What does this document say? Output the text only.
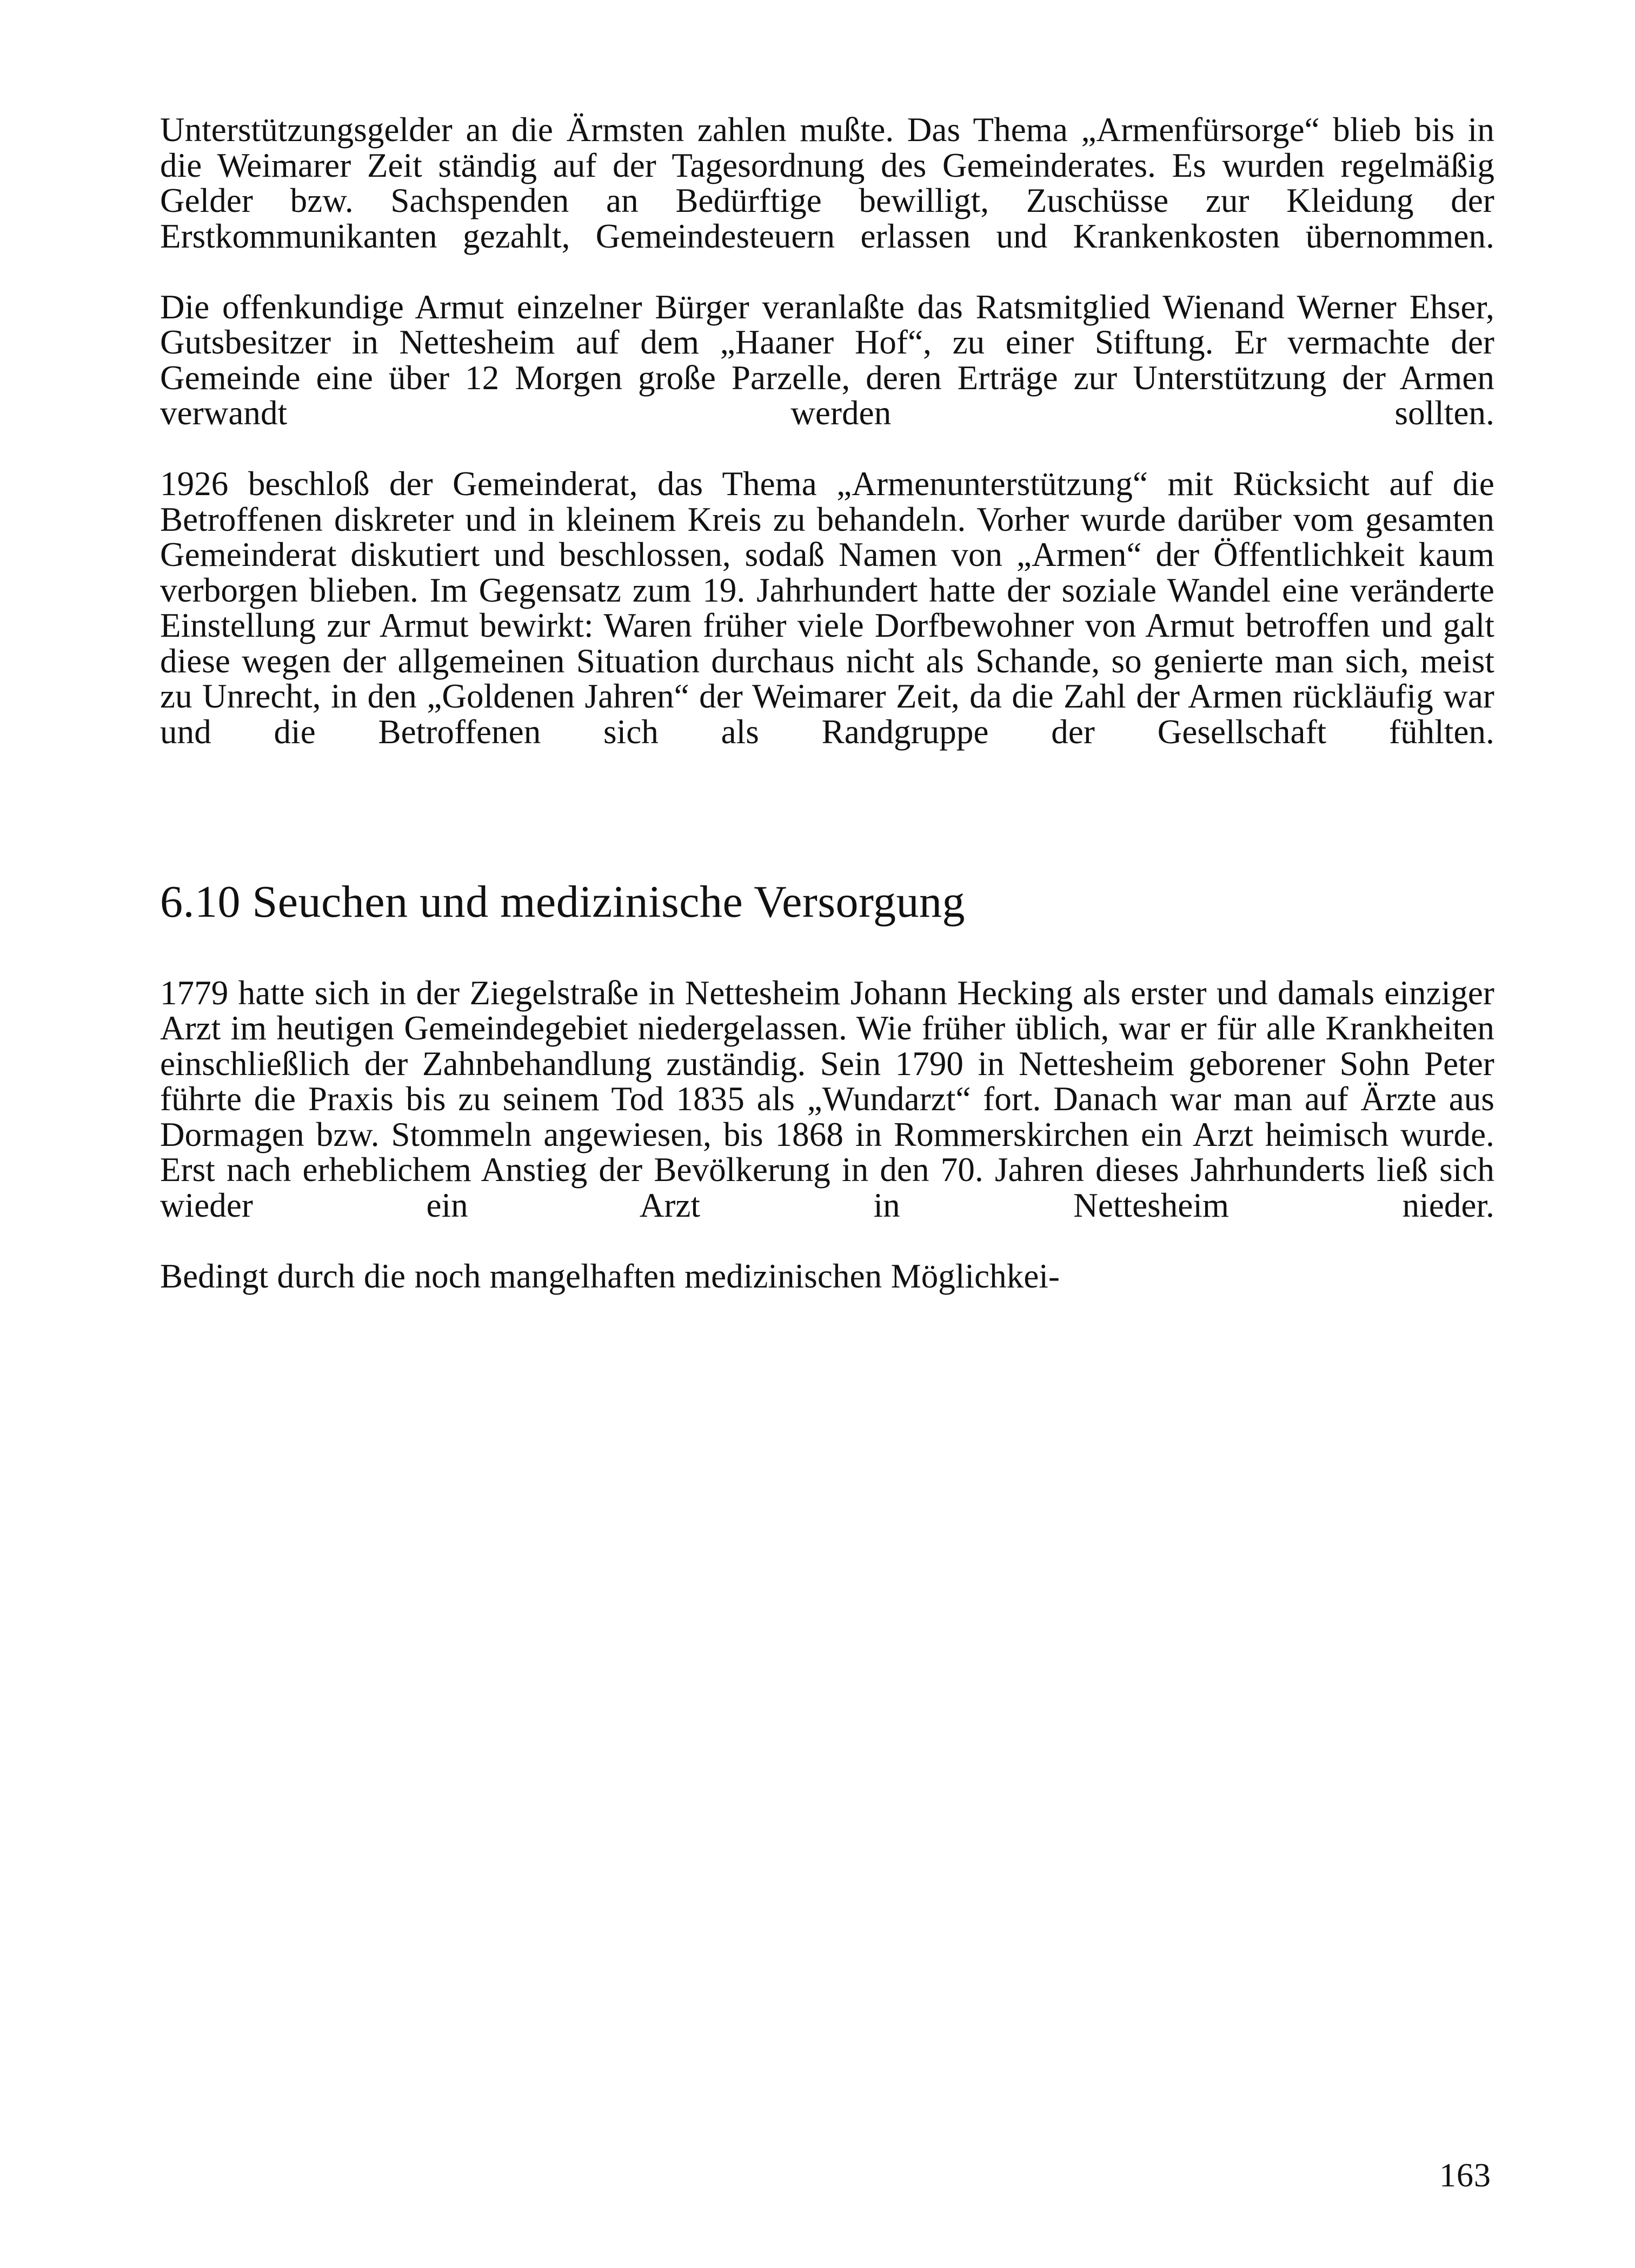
Unterstützungsgelder an die Ärmsten zahlen mußte. Das Thema „Armenfürsorge“ blieb bis in die Weimarer Zeit ständig auf der Tagesordnung des Gemeinderates. Es wurden regelmäßig Gelder bzw. Sachspenden an Bedürftige bewilligt, Zuschüsse zur Kleidung der Erstkommunikanten gezahlt, Gemeindesteuern erlassen und Krankenkosten übernommen.

Die offenkundige Armut einzelner Bürger veranlaßte das Ratsmitglied Wienand Werner Ehser, Gutsbesitzer in Nettesheim auf dem „Haaner Hof“, zu einer Stiftung. Er vermachte der Gemeinde eine über 12 Morgen große Parzelle, deren Erträge zur Unterstützung der Armen verwandt werden sollten.

1926 beschloß der Gemeinderat, das Thema „Armenunterstützung“ mit Rücksicht auf die Betroffenen diskreter und in kleinem Kreis zu behandeln. Vorher wurde darüber vom gesamten Gemeinderat diskutiert und beschlossen, sodaß Namen von „Armen“ der Öffentlichkeit kaum verborgen blieben. Im Gegensatz zum 19. Jahrhundert hatte der soziale Wandel eine veränderte Einstellung zur Armut bewirkt: Waren früher viele Dorfbewohner von Armut betroffen und galt diese wegen der allgemeinen Situation durchaus nicht als Schande, so genierte man sich, meist zu Unrecht, in den „Goldenen Jahren“ der Weimarer Zeit, da die Zahl der Armen rückläufig war und die Betroffenen sich als Randgruppe der Gesellschaft fühlten.

6.10 Seuchen und medizinische Versorgung

1779 hatte sich in der Ziegelstraße in Nettesheim Johann Hecking als erster und damals einziger Arzt im heutigen Gemeindegebiet niedergelassen. Wie früher üblich, war er für alle Krankheiten einschließlich der Zahnbehandlung zuständig. Sein 1790 in Nettesheim geborener Sohn Peter führte die Praxis bis zu seinem Tod 1835 als „Wundarzt“ fort. Danach war man auf Ärzte aus Dormagen bzw. Stommeln angewiesen, bis 1868 in Rommerskirchen ein Arzt heimisch wurde. Erst nach erheblichem Anstieg der Bevölkerung in den 70. Jahren dieses Jahrhunderts ließ sich wieder ein Arzt in Nettesheim nieder.

Bedingt durch die noch mangelhaften medizinischen Möglichkei-

163
